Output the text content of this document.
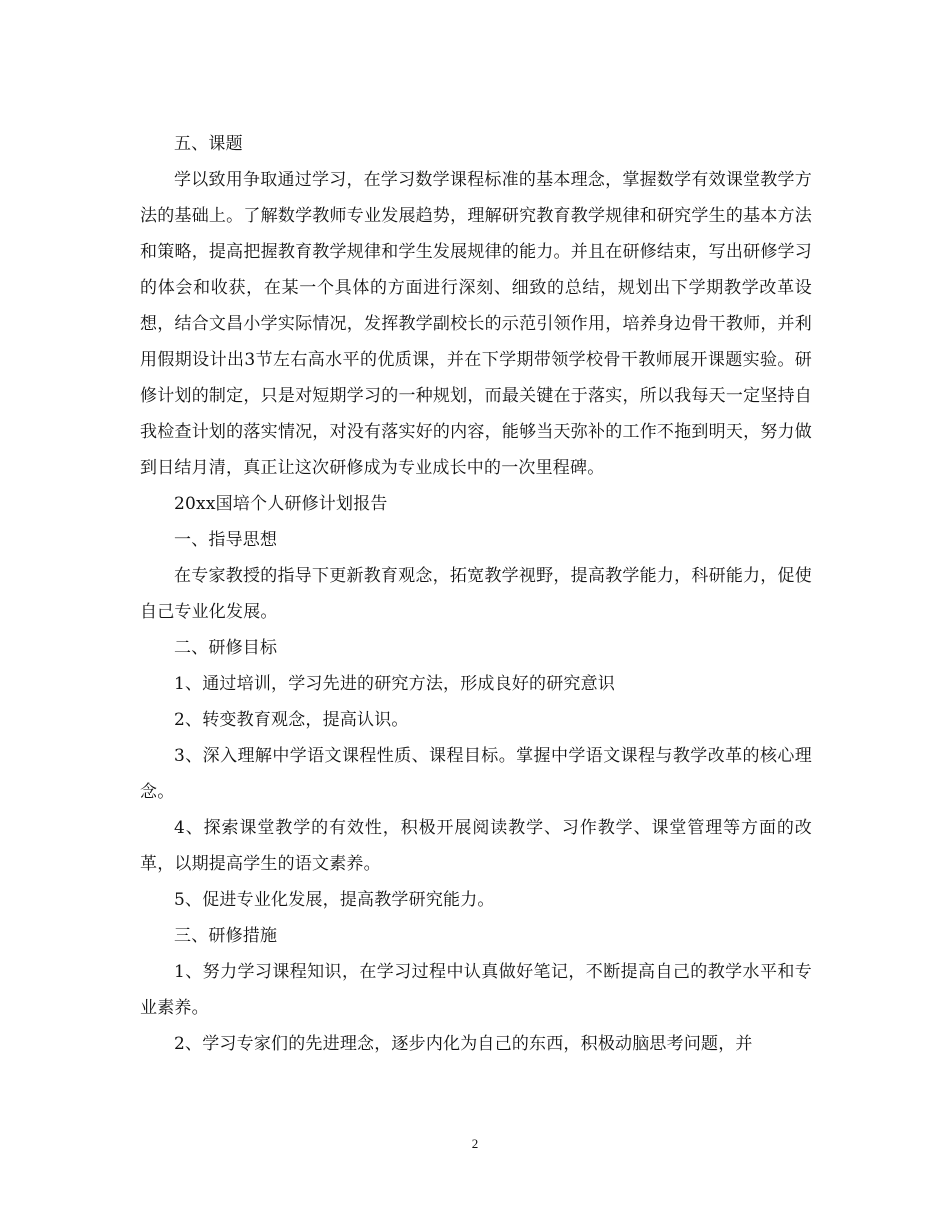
五、课题

学以致用争取通过学习，在学习数学课程标准的基本理念，掌握数学有效课堂教学方法的基础上。了解数学教师专业发展趋势，理解研究教育教学规律和研究学生的基本方法和策略，提高把握教育教学规律和学生发展规律的能力。并且在研修结束，写出研修学习的体会和收获，在某一个具体的方面进行深刻、细致的总结，规划出下学期教学改革设想，结合文昌小学实际情况，发挥教学副校长的示范引领作用，培养身边骨干教师，并利用假期设计出3节左右高水平的优质课，并在下学期带领学校骨干教师展开课题实验。研修计划的制定，只是对短期学习的一种规划，而最关键在于落实，所以我每天一定坚持自我检查计划的落实情况，对没有落实好的内容，能够当天弥补的工作不拖到明天，努力做到日结月清，真正让这次研修成为专业成长中的一次里程碑。

20xx国培个人研修计划报告

一、指导思想

在专家教授的指导下更新教育观念，拓宽教学视野，提高教学能力，科研能力，促使自己专业化发展。

二、研修目标

1、通过培训，学习先进的研究方法，形成良好的研究意识

2、转变教育观念，提高认识。

3、深入理解中学语文课程性质、课程目标。掌握中学语文课程与教学改革的核心理念。

4、探索课堂教学的有效性，积极开展阅读教学、习作教学、课堂管理等方面的改革，以期提高学生的语文素养。

5、促进专业化发展，提高教学研究能力。

三、研修措施

1、努力学习课程知识，在学习过程中认真做好笔记，不断提高自己的教学水平和专业素养。

2、学习专家们的先进理念，逐步内化为自己的东西，积极动脑思考问题，并

2
